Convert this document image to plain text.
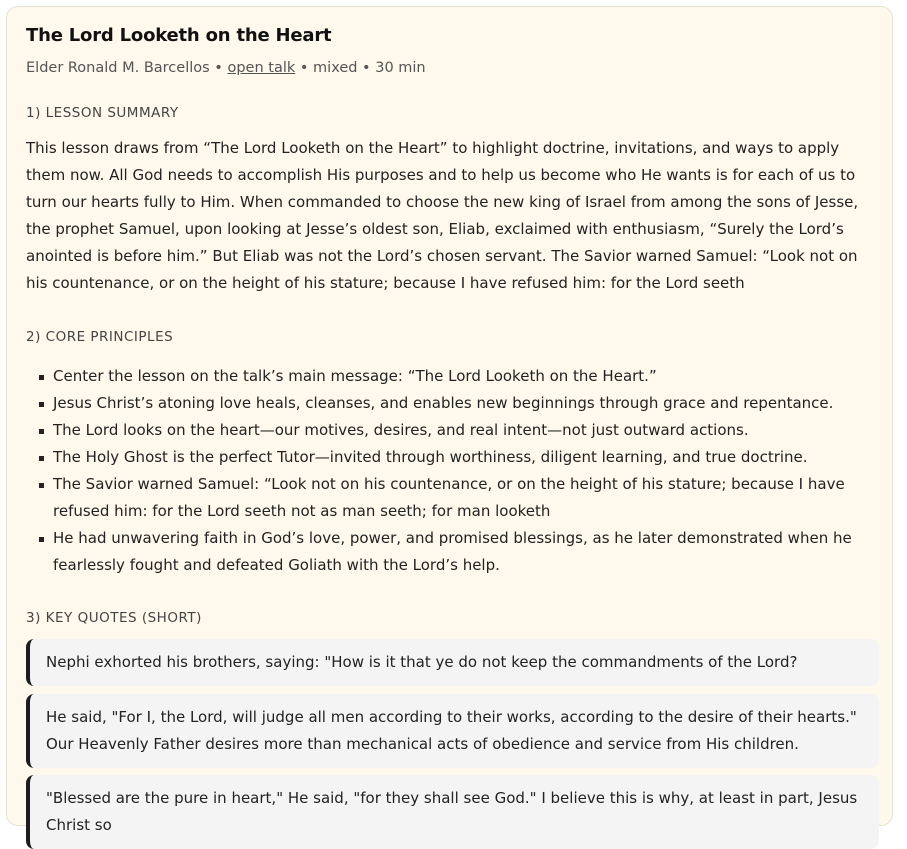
The Lord Looketh on the Heart
Elder Ronald M. Barcellos • open talk • mixed • 30 min
1) LESSON SUMMARY
This lesson draws from “The Lord Looketh on the Heart” to highlight doctrine, invitations, and ways to apply them now. All God needs to accomplish His purposes and to help us become who He wants is for each of us to turn our hearts fully to Him. When commanded to choose the new king of Israel from among the sons of Jesse, the prophet Samuel, upon looking at Jesse’s oldest son, Eliab, exclaimed with enthusiasm, “Surely the Lord’s anointed is before him.” But Eliab was not the Lord’s chosen servant. The Savior warned Samuel: “Look not on his countenance, or on the height of his stature; because I have refused him: for the Lord seeth
2) CORE PRINCIPLES
Center the lesson on the talk’s main message: “The Lord Looketh on the Heart.”
Jesus Christ’s atoning love heals, cleanses, and enables new beginnings through grace and repentance.
The Lord looks on the heart—our motives, desires, and real intent—not just outward actions.
The Holy Ghost is the perfect Tutor—invited through worthiness, diligent learning, and true doctrine.
The Savior warned Samuel: “Look not on his countenance, or on the height of his stature; because I have refused him: for the Lord seeth not as man seeth; for man looketh
He had unwavering faith in God’s love, power, and promised blessings, as he later demonstrated when he fearlessly fought and defeated Goliath with the Lord’s help.
3) KEY QUOTES (SHORT)
Nephi exhorted his brothers, saying: "How is it that ye do not keep the commandments of the Lord?
He said, "For I, the Lord, will judge all men according to their works, according to the desire of their hearts." Our Heavenly Father desires more than mechanical acts of obedience and service from His children.
"Blessed are the pure in heart," He said, "for they shall see God." I believe this is why, at least in part, Jesus Christ so
